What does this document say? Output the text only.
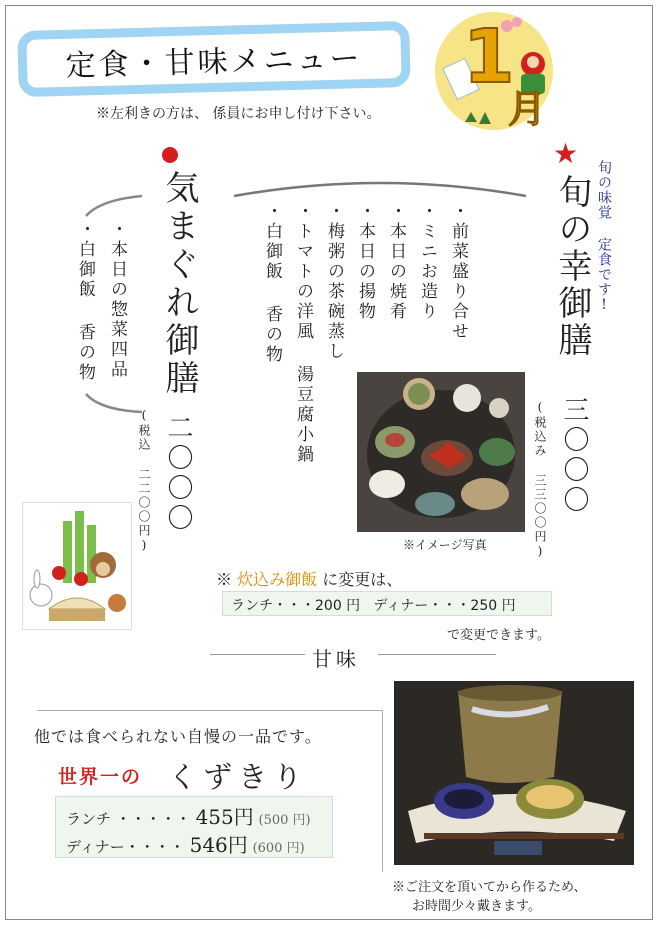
定食・甘味メニュー
※左利きの方は、 係員にお申し付け下さい。
1
月
★
旬の幸御膳 旬の味覚 定食です!
・前菜盛り合せ
・ミニお造り
・本日の焼肴
・本日の揚物
・梅粥の茶碗蒸し
・トマトの洋風 湯豆腐小鍋
・白御飯 香の物
三〇〇〇
(税込み 三三〇〇円)
※イメージ写真
気まぐれ御膳
・本日の惣菜四品
・白御飯 香の物
二〇〇〇
(税込 二二〇〇円)
※ 炊込み御飯 に変更は、
ランチ・・・200 円 ディナー・・・250 円
で変更できます。
甘味
他では食べられない自慢の一品です。
世界一の くずきり
ランチ ・・・・・ 455円 (500 円)
ディナー・・・・ 546円 (600 円)
※ご注文を頂いてから作るため、
お時間少々戴きます。
